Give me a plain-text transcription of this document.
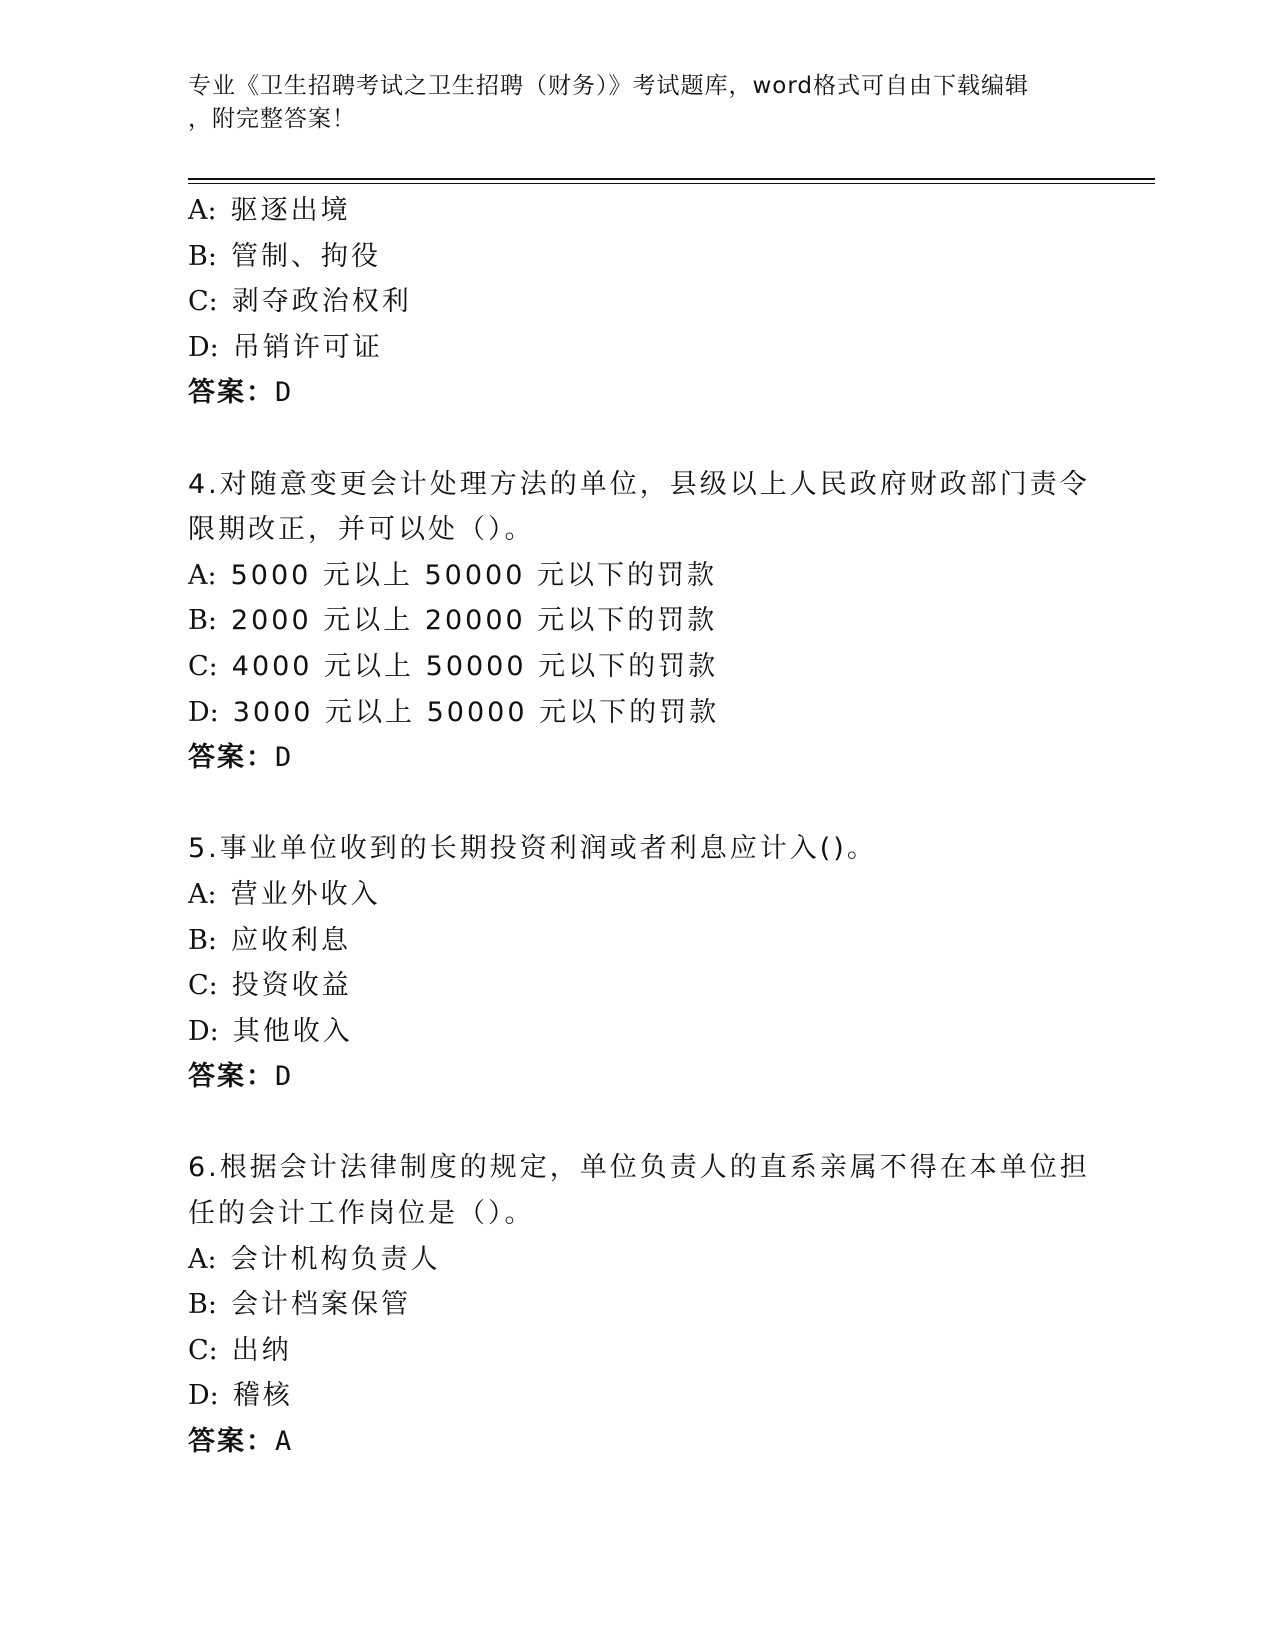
专业《卫生招聘考试之卫生招聘（财务）》考试题库，word格式可自由下载编辑
，附完整答案！
A: 驱逐出境
B: 管制、拘役
C: 剥夺政治权利
D: 吊销许可证
答案：D
4.对随意变更会计处理方法的单位，县级以上人民政府财政部门责令
限期改正，并可以处（）。
A: 5000 元以上 50000 元以下的罚款
B: 2000 元以上 20000 元以下的罚款
C: 4000 元以上 50000 元以下的罚款
D: 3000 元以上 50000 元以下的罚款
答案：D
5.事业单位收到的长期投资利润或者利息应计入()。
A: 营业外收入
B: 应收利息
C: 投资收益
D: 其他收入
答案：D
6.根据会计法律制度的规定，单位负责人的直系亲属不得在本单位担
任的会计工作岗位是（）。
A: 会计机构负责人
B: 会计档案保管
C: 出纳
D: 稽核
答案：A
